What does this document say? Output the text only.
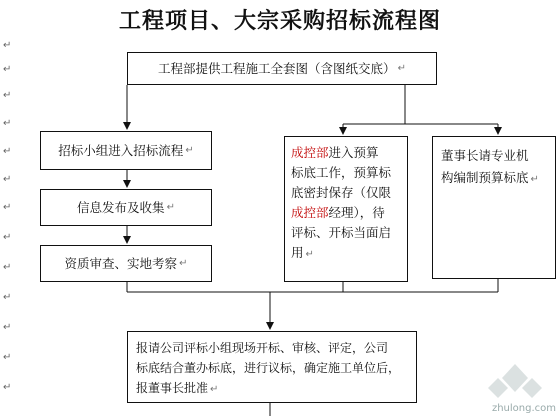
工程项目、大宗采购招标流程图
↵
↵
↵
↵
↵
↵
↵
↵
↵
↵
↵
↵
↵
工程部提供工程施工全套图（含图纸交底） ↵
招标小组进入招标流程 ↵
信息发布及收集 ↵
资质审查、实地考察 ↵
成控部进入预算
标底工作，预算标
底密封保存（仅限
成控部经理），待
评标、开标当面启
用 ↵
董事长请专业机
构编制预算标底 ↵
报请公司评标小组现场开标、审核、评定，公司
标底结合董办标底，进行议标，确定施工单位后，
报董事长批准 ↵
zhulong.com
